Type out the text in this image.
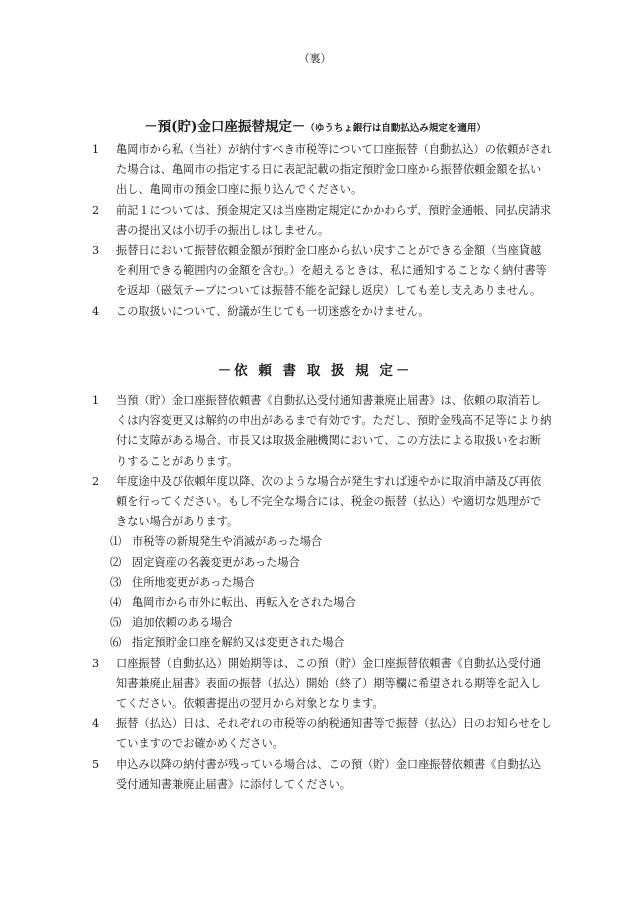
（裏）
－預(貯)金口座振替規定－（ゆうちょ銀行は自動払込み規定を適用）
1 亀岡市から私（当社）が納付すべき市税等について口座振替（自動払込）の依頼がされた場合は、亀岡市の指定する日に表記記載の指定預貯金口座から振替依頼金額を払い出し、亀岡市の預金口座に振り込んでください。
2 前記１については、預金規定又は当座勘定規定にかかわらず、預貯金通帳、同払戻請求書の提出又は小切手の振出しはしません。
3 振替日において振替依頼金額が預貯金口座から払い戻すことができる金額（当座貸越を利用できる範囲内の金額を含む。）を超えるときは、私に通知することなく納付書等を返却（磁気テープについては振替不能を記録し返戻）しても差し支えありません。
4 この取扱いについて、紛議が生じても一切迷惑をかけません。
－依 頼 書 取 扱 規 定－
1 当預（貯）金口座振替依頼書《自動払込受付通知書兼廃止届書》は、依頼の取消若しくは内容変更又は解約の申出があるまで有効です。ただし、預貯金残高不足等により納付に支障がある場合、市長又は取扱金融機関において、この方法による取扱いをお断りすることがあります。
2 年度途中及び依頼年度以降、次のような場合が発生すれば速やかに取消申請及び再依頼を行ってください。もし不完全な場合には、税金の振替（払込）や適切な処理ができない場合があります。
⑴ 市税等の新規発生や消滅があった場合
⑵ 固定資産の名義変更があった場合
⑶ 住所地変更があった場合
⑷ 亀岡市から市外に転出、再転入をされた場合
⑸ 追加依頼のある場合
⑹ 指定預貯金口座を解約又は変更された場合
3 口座振替（自動払込）開始期等は、この預（貯）金口座振替依頼書《自動払込受付通知書兼廃止届書》表面の振替（払込）開始（終了）期等欄に希望される期等を記入してください。依頼書提出の翌月から対象となります。
4 振替（払込）日は、それぞれの市税等の納税通知書等で振替（払込）日のお知らせをしていますのでお確かめください。
5 申込み以降の納付書が残っている場合は、この預（貯）金口座振替依頼書《自動払込受付通知書兼廃止届書》に添付してください。
